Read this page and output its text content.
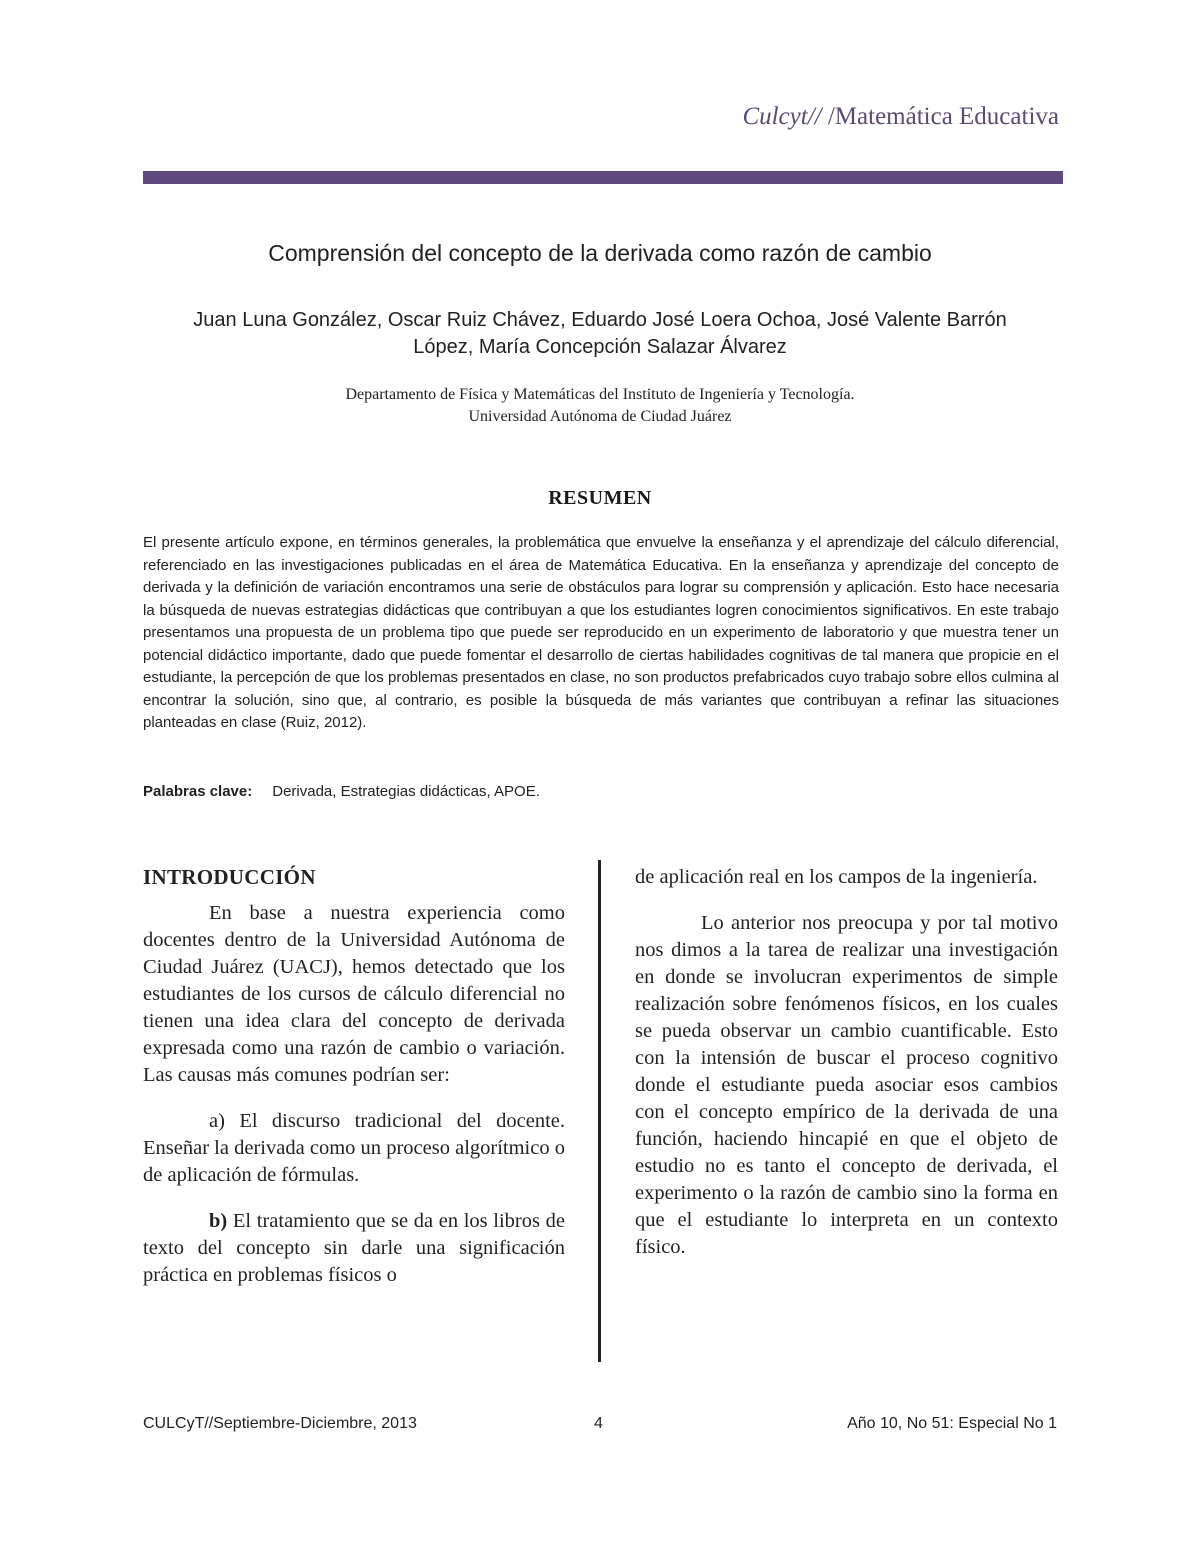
Culcyt// /Matemática Educativa
Comprensión del concepto de la derivada como razón de cambio
Juan Luna González, Oscar Ruiz Chávez, Eduardo José Loera Ochoa, José Valente Barrón López, María Concepción Salazar Álvarez
Departamento de Física y Matemáticas del Instituto de Ingeniería y Tecnología.
Universidad Autónoma de Ciudad Juárez
RESUMEN
El presente artículo expone, en términos generales, la problemática que envuelve la enseñanza y el aprendizaje del cálculo diferencial, referenciado en las investigaciones publicadas en el área de Matemática Educativa. En la enseñanza y aprendizaje del concepto de derivada y la definición de variación encontramos una serie de obstáculos para lograr su comprensión y aplicación. Esto hace necesaria la búsqueda de nuevas estrategias didácticas que contribuyan a que los estudiantes logren conocimientos significativos. En este trabajo presentamos una propuesta de un problema tipo que puede ser reproducido en un experimento de laboratorio y que muestra tener un potencial didáctico importante, dado que puede fomentar el desarrollo de ciertas habilidades cognitivas de tal manera que propicie en el estudiante, la percepción de que los problemas presentados en clase, no son productos prefabricados cuyo trabajo sobre ellos culmina al encontrar la solución, sino que, al contrario, es posible la búsqueda de más variantes que contribuyan a refinar las situaciones planteadas en clase (Ruiz, 2012).
Palabras clave: Derivada, Estrategias didácticas, APOE.
INTRODUCCIÓN

En base a nuestra experiencia como docentes dentro de la Universidad Autónoma de Ciudad Juárez (UACJ), hemos detectado que los estudiantes de los cursos de cálculo diferencial no tienen una idea clara del concepto de derivada expresada como una razón de cambio o variación. Las causas más comunes podrían ser:

a) El discurso tradicional del docente. Enseñar la derivada como un proceso algorítmico o de aplicación de fórmulas.

b) El tratamiento que se da en los libros de texto del concepto sin darle una significación práctica en problemas físicos o

de aplicación real en los campos de la ingeniería.

Lo anterior nos preocupa y por tal motivo nos dimos a la tarea de realizar una investigación en donde se involucran experimentos de simple realización sobre fenómenos físicos, en los cuales se pueda observar un cambio cuantificable. Esto con la intensión de buscar el proceso cognitivo donde el estudiante pueda asociar esos cambios con el concepto empírico de la derivada de una función, haciendo hincapié en que el objeto de estudio no es tanto el concepto de derivada, el experimento o la razón de cambio sino la forma en que el estudiante lo interpreta en un contexto físico.

CULCyT//Septiembre-Diciembre, 2013	4	Año 10, No 51: Especial No 1
